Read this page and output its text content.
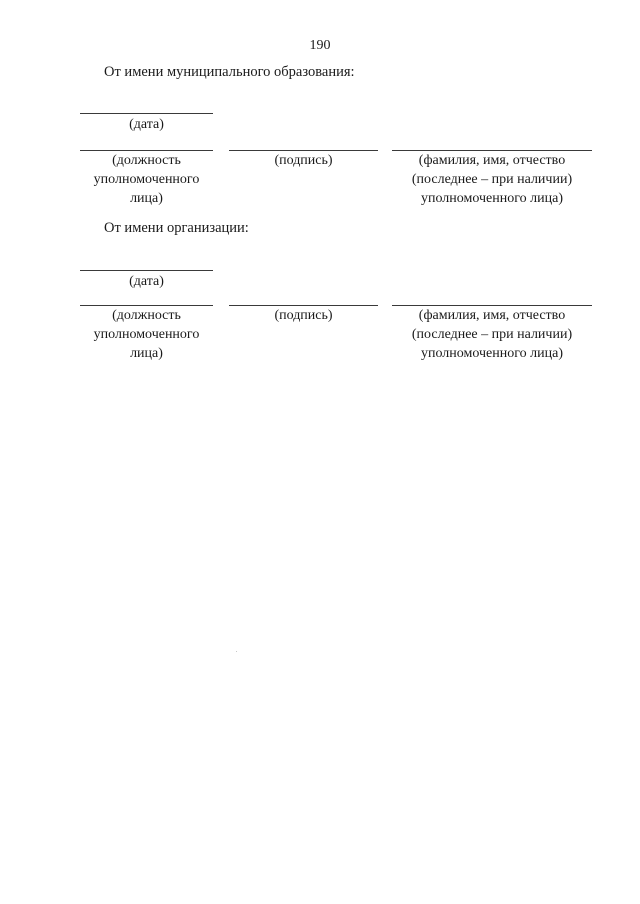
190
От имени муниципального образования:
(дата)
(должность
уполномоченного
лица)
(подпись)	(фамилия, имя, отчество
(последнее – при наличии)
уполномоченного лица)
От имени организации:
(дата)
(должность
уполномоченного
лица)
(подпись)	(фамилия, имя, отчество
(последнее – при наличии)
уполномоченного лица)
